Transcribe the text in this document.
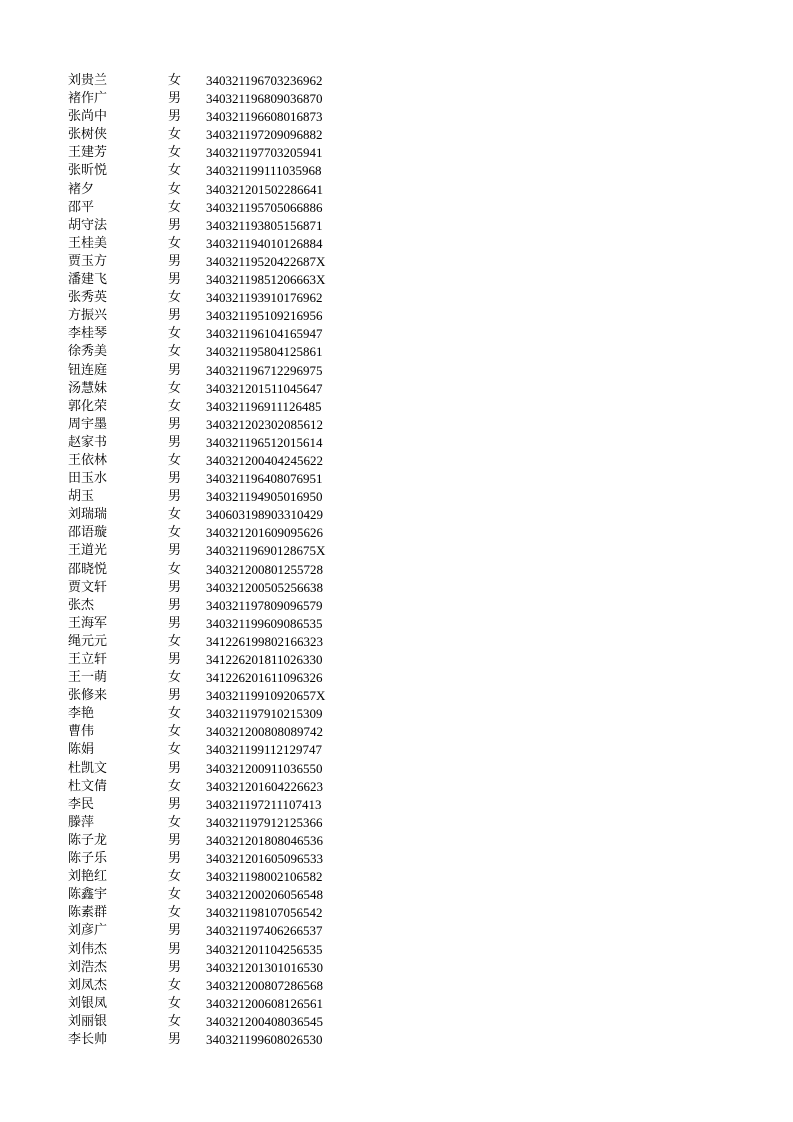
刘贵兰	女 340321196703236962
褚作广	男 340321196809036870
张尚中	男 340321196608016873
张树侠	女 340321197209096882
王建芳	女 340321197703205941
张昕悦	女 340321199111035968
褚夕	女 340321201502286641
邵平	女 340321195705066886
胡守法	男 340321193805156871
王桂美	女 340321194010126884
贾玉方	男 34032119520422687X
潘建飞	男 34032119851206663X
张秀英	女 340321193910176962
方振兴	男 340321195109216956
李桂琴	女 340321196104165947
徐秀美	女 340321195804125861
钮连庭	男 340321196712296975
汤慧妹	女 340321201511045647
郭化荣	女 340321196911126485
周宇墨	男 340321202302085612
赵家书	男 340321196512015614
王依林	女 340321200404245622
田玉水	男 340321196408076951
胡玉	男 340321194905016950
刘瑞瑞	女 340603198903310429
邵语璇	女 340321201609095626
王道光	男 34032119690128675X
邵晓悦	女 340321200801255728
贾文轩	男 340321200505256638
张杰	男 340321197809096579
王海军	男 340321199609086535
绳元元	女 341226199802166323
王立轩	男 341226201811026330
王一萌	女 341226201611096326
张修来	男 34032119910920657X
李艳	女 340321197910215309
曹伟	女 340321200808089742
陈娟	女 340321199112129747
杜凯文	男 340321200911036550
杜文倩	女 340321201604226623
李民	男 340321197211107413
滕萍	女 340321197912125366
陈子龙	男 340321201808046536
陈子乐	男 340321201605096533
刘艳红	女 340321198002106582
陈鑫宇	女 340321200206056548
陈素群	女 340321198107056542
刘彦广	男 340321197406266537
刘伟杰	男 340321201104256535
刘浩杰	男 340321201301016530
刘凤杰	女 340321200807286568
刘银凤	女 340321200608126561
刘丽银	女 340321200408036545
李长帅	男 340321199608026530
